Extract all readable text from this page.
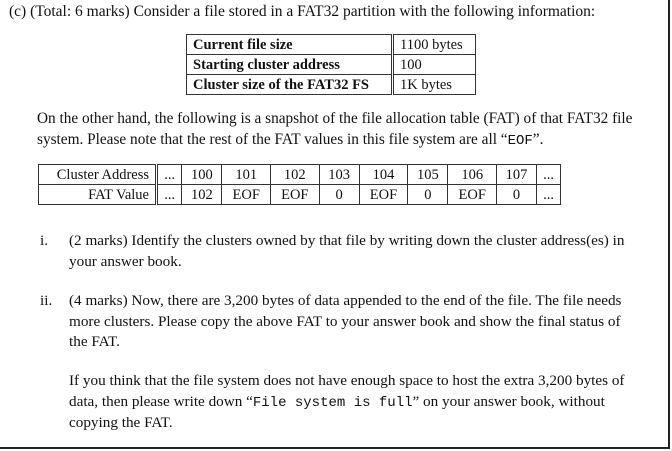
(c) (Total: 6 marks) Consider a file stored in a FAT32 partition with the following information:
Current file size	1100 bytes
Starting cluster address	100
Cluster size of the FAT32 FS	1K bytes
On the other hand, the following is a snapshot of the file allocation table (FAT) of that FAT32 file system. Please note that the rest of the FAT values in this file system are all “EOF”.
Cluster Address	...	100	101	102	103	104	105	106	107	...
FAT Value	...	102	EOF	EOF	0	EOF	0	EOF	0	...
i. (2 marks) Identify the clusters owned by that file by writing down the cluster address(es) in your answer book.
ii. (4 marks) Now, there are 3,200 bytes of data appended to the end of the file. The file needs more clusters. Please copy the above FAT to your answer book and show the final status of the FAT.
If you think that the file system does not have enough space to host the extra 3,200 bytes of data, then please write down “File system is full” on your answer book, without copying the FAT.
